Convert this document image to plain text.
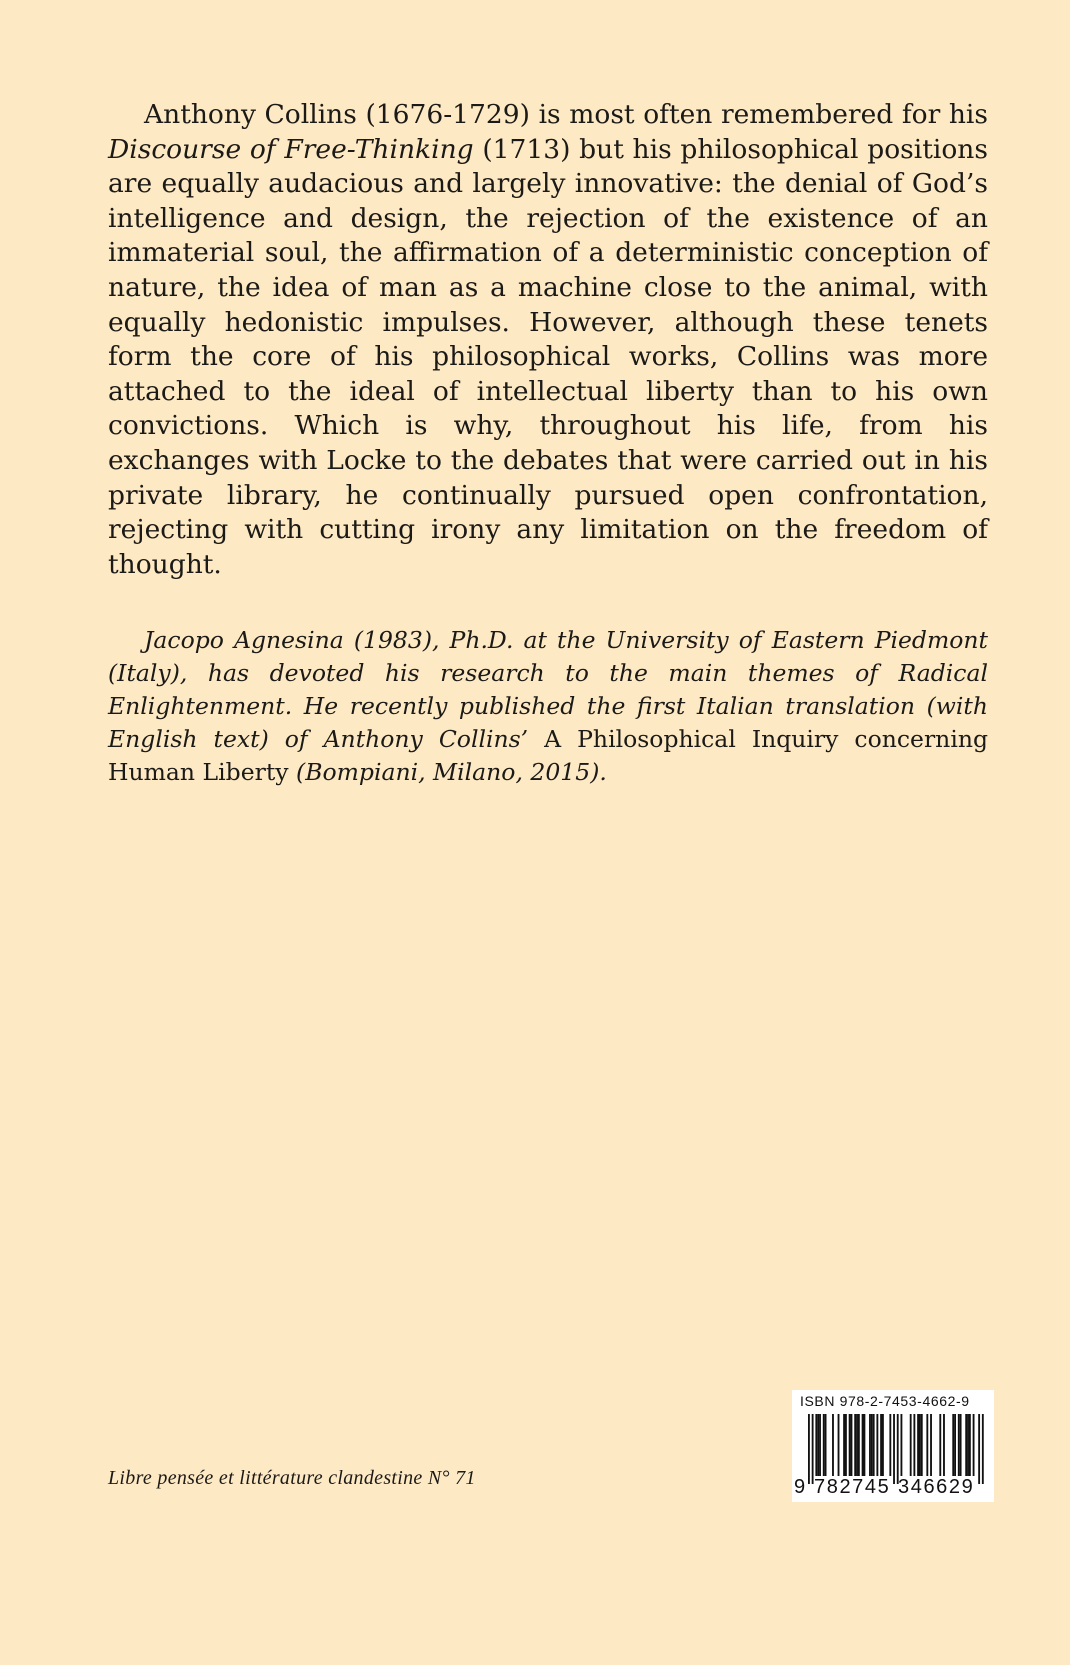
Anthony Collins (1676-1729) is most often remembered for his Discourse of Free-Thinking (1713) but his philosophical positions are equally audacious and largely innovative: the denial of God’s intelligence and design, the rejection of the existence of an immaterial soul, the affirmation of a deterministic conception of nature, the idea of man as a machine close to the animal, with equally hedonistic impulses. However, although these tenets form the core of his philosophical works, Collins was more attached to the ideal of intellectual liberty than to his own convictions. Which is why, throughout his life, from his exchanges with Locke to the debates that were carried out in his private library, he continually pursued open confrontation, rejecting with cutting irony any limitation on the freedom of thought.

Jacopo Agnesina (1983), Ph.D. at the University of Eastern Piedmont (Italy), has devoted his research to the main themes of Radical Enlightenment. He recently published the first Italian translation (with English text) of Anthony Collins’ A Philosophical Inquiry concerning Human Liberty (Bompiani, Milano, 2015).

Libre pensée et littérature clandestine N° 71
ISBN 978-2-7453-4662-9
9 782745 346629
